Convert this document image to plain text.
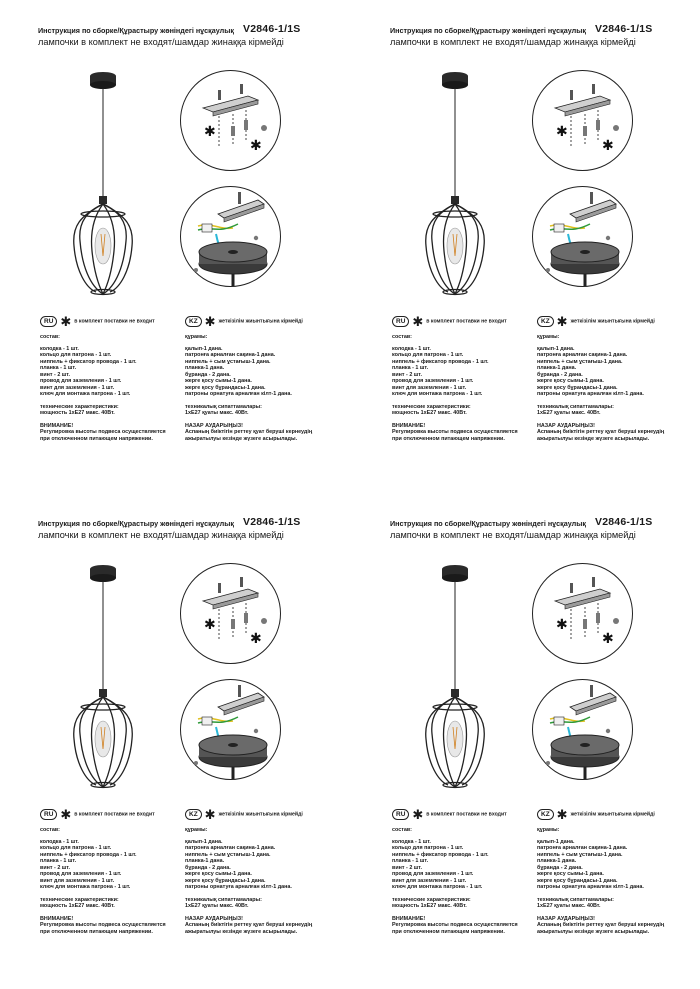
Инструкция по сборке/Құрастыру жөніндегі нұсқаулық V2846-1/1S
лампочки в комплект не входят/шамдар жинаққа кірмейді
✱
✱
RU ✱ в комплект поставки не входит
состав:
колодка - 1 шт.
кольцо для патрона - 1 шт.
ниппель + фиксатор провода - 1 шт.
планка - 1 шт.
винт - 2 шт.
провод для заземления - 1 шт.
винт для заземления - 1 шт.
ключ для монтажа патрона - 1 шт.
технические характеристики:
мощность 1хЕ27 макс. 40Вт.
ВНИМАНИЕ!
Регулировка высоты подвеса осуществляется
при отключенном питающем напряжении.
KZ ✱ жеткізілім жиынтығына кірмейді
құрамы:
қалып-1 дана.
патронға арналған сақина-1 дана.
ниппель + сым ұстағыш-1 дана.
планка-1 дана.
бұранда - 2 дана.
жерге қосу сымы-1 дана.
жерге қосу бұрандасы-1 дана.
патроны орнатуға арналған кілт-1 дана.
техникалық сипаттамалары:
1хЕ27 қуаты макс. 40Вт.
НАЗАР АУДАРЫҢЫЗ!
Аспаның биіктігін реттеу қуат беруші кернеудің
ажыратылуы кезінде жүзеге асырылады.
Инструкция по сборке/Құрастыру жөніндегі нұсқаулық V2846-1/1S
лампочки в комплект не входят/шамдар жинаққа кірмейді
✱
✱
RU ✱ в комплект поставки не входит
состав:
колодка - 1 шт.
кольцо для патрона - 1 шт.
ниппель + фиксатор провода - 1 шт.
планка - 1 шт.
винт - 2 шт.
провод для заземления - 1 шт.
винт для заземления - 1 шт.
ключ для монтажа патрона - 1 шт.
технические характеристики:
мощность 1хЕ27 макс. 40Вт.
ВНИМАНИЕ!
Регулировка высоты подвеса осуществляется
при отключенном питающем напряжении.
KZ ✱ жеткізілім жиынтығына кірмейді
құрамы:
қалып-1 дана.
патронға арналған сақина-1 дана.
ниппель + сым ұстағыш-1 дана.
планка-1 дана.
бұранда - 2 дана.
жерге қосу сымы-1 дана.
жерге қосу бұрандасы-1 дана.
патроны орнатуға арналған кілт-1 дана.
техникалық сипаттамалары:
1хЕ27 қуаты макс. 40Вт.
НАЗАР АУДАРЫҢЫЗ!
Аспаның биіктігін реттеу қуат беруші кернеудің
ажыратылуы кезінде жүзеге асырылады.
Инструкция по сборке/Құрастыру жөніндегі нұсқаулық V2846-1/1S
лампочки в комплект не входят/шамдар жинаққа кірмейді
✱
✱
RU ✱ в комплект поставки не входит
состав:
колодка - 1 шт.
кольцо для патрона - 1 шт.
ниппель + фиксатор провода - 1 шт.
планка - 1 шт.
винт - 2 шт.
провод для заземления - 1 шт.
винт для заземления - 1 шт.
ключ для монтажа патрона - 1 шт.
технические характеристики:
мощность 1хЕ27 макс. 40Вт.
ВНИМАНИЕ!
Регулировка высоты подвеса осуществляется
при отключенном питающем напряжении.
KZ ✱ жеткізілім жиынтығына кірмейді
құрамы:
қалып-1 дана.
патронға арналған сақина-1 дана.
ниппель + сым ұстағыш-1 дана.
планка-1 дана.
бұранда - 2 дана.
жерге қосу сымы-1 дана.
жерге қосу бұрандасы-1 дана.
патроны орнатуға арналған кілт-1 дана.
техникалық сипаттамалары:
1хЕ27 қуаты макс. 40Вт.
НАЗАР АУДАРЫҢЫЗ!
Аспаның биіктігін реттеу қуат беруші кернеудің
ажыратылуы кезінде жүзеге асырылады.
Инструкция по сборке/Құрастыру жөніндегі нұсқаулық V2846-1/1S
лампочки в комплект не входят/шамдар жинаққа кірмейді
✱
✱
RU ✱ в комплект поставки не входит
состав:
колодка - 1 шт.
кольцо для патрона - 1 шт.
ниппель + фиксатор провода - 1 шт.
планка - 1 шт.
винт - 2 шт.
провод для заземления - 1 шт.
винт для заземления - 1 шт.
ключ для монтажа патрона - 1 шт.
технические характеристики:
мощность 1хЕ27 макс. 40Вт.
ВНИМАНИЕ!
Регулировка высоты подвеса осуществляется
при отключенном питающем напряжении.
KZ ✱ жеткізілім жиынтығына кірмейді
құрамы:
қалып-1 дана.
патронға арналған сақина-1 дана.
ниппель + сым ұстағыш-1 дана.
планка-1 дана.
бұранда - 2 дана.
жерге қосу сымы-1 дана.
жерге қосу бұрандасы-1 дана.
патроны орнатуға арналған кілт-1 дана.
техникалық сипаттамалары:
1хЕ27 қуаты макс. 40Вт.
НАЗАР АУДАРЫҢЫЗ!
Аспаның биіктігін реттеу қуат беруші кернеудің
ажыратылуы кезінде жүзеге асырылады.
